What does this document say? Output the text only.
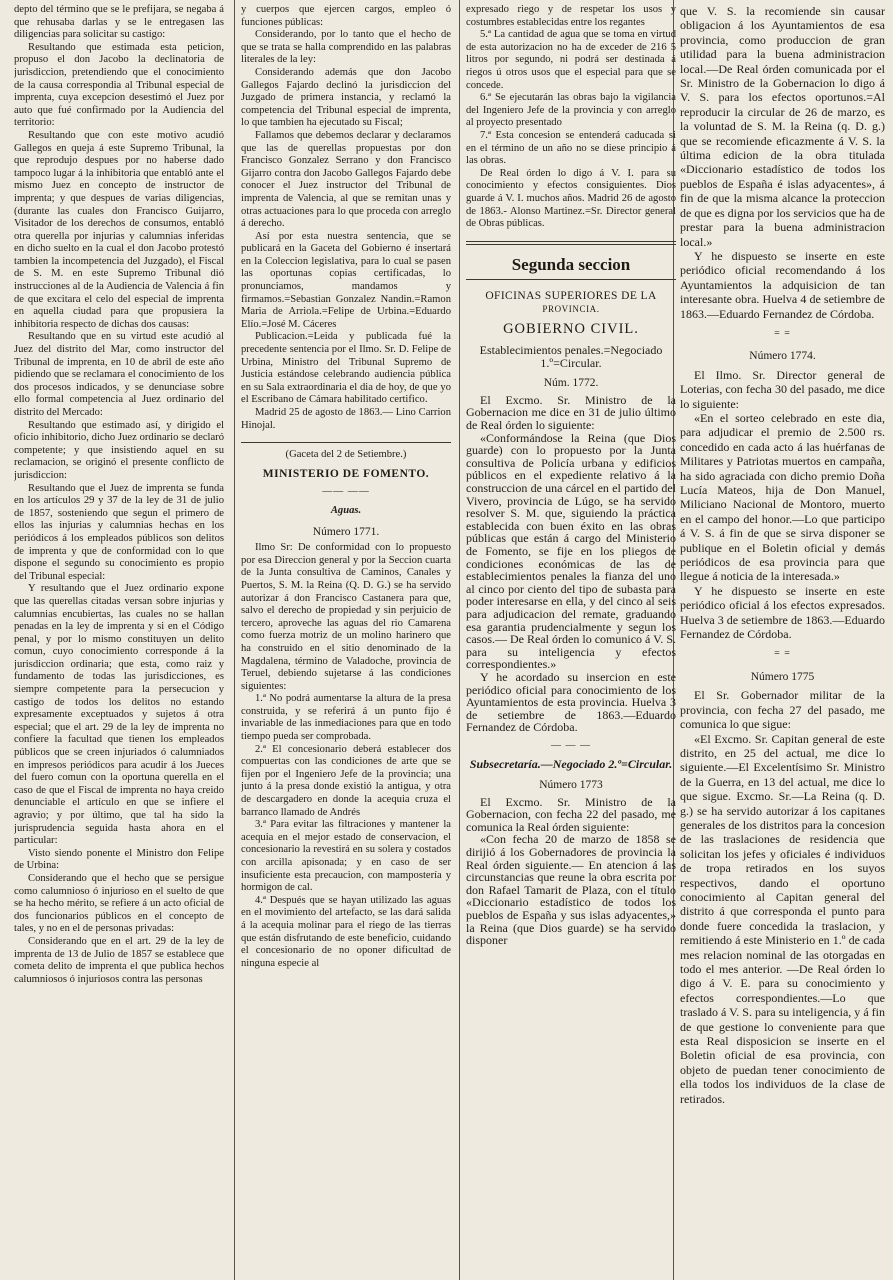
depto del término que se le prefijara, se negaba á que rehusaba darlas y se le entregasen las diligencias para solicitar su castigo:

Resultando que estimada esta peticion, propuso el don Jacobo la declinatoria de jurisdiccion, pretendiendo que el conocimiento de la causa correspondia al Tribunal especial de imprenta, cuya excepcion desestimó el Juez por auto que fué confirmado por la Audiencia del territorio:

Resultando que con este motivo acudió Gallegos en queja á este Supremo Tribunal, la que reprodujo despues por no haberse dado tampoco lugar á la inhibitoria que entabló ante el mismo Juez en concepto de instructor de imprenta; y que despues de varias diligencias, (durante las cuales don Francisco Guijarro, Visitador de los derechos de consumos, entabló otra querella por injurias y calumnias inferidas en dicho suelto en la cual el don Jacobo protestó tambien la incompetencia del Juzgado), el Fiscal de S. M. en este Supremo Tribunal dió instrucciones al de la Audiencia de Valencia á fin de que excitara el celo del especial de imprenta en aquella ciudad para que propusiera la inhibitoria respecto de dichas dos causas:

Resultando que en su virtud este acudió al Juez del distrito del Mar, como instructor del Tribunal de imprenta, en 10 de abril de este año pidiendo que se reclamara el conocimiento de los dos procesos indicados, y se denunciase sobre ello formal competencia al Juez ordinario del distrito del Mercado:

Resultando que estimado así, y dirigido el oficio inhibitorio, dicho Juez ordinario se declaró competente; y que insistiendo aquel en su reclamacion, se originó el presente conflicto de jurisdiccion:

Resultando que el Juez de imprenta se funda en los artículos 29 y 37 de la ley de 31 de julio de 1857, sosteniendo que segun el primero de ellos las injurias y calumnias hechas en los periódicos á los empleados públicos son delitos de imprenta y que de conformidad con lo que dispone el segundo su conocimiento es propio del Tribunal especial:

Y resultando que el Juez ordinario expone que las querellas citadas versan sobre injurias y calumnias encubiertas, las cuales no se hallan penadas en la ley de imprenta y si en el Código penal, y por lo mismo constituyen un delito comun, cuyo conocimiento corresponde á la jurisdiccion ordinaria; que esta, como raiz y fundamento de todas las jurisdicciones, es siempre competente para la persecucion y castigo de todos los delitos no estando expresamente exceptuados y sujetos á otra especial; que el art. 29 de la ley de imprenta no confiere la facultad que tienen los empleados públicos que se creen injuriados ó calumniados en impresos periódicos para acudir á los Jueces del fuero comun con la oportuna querella en el caso de que el Fiscal de imprenta no haya creido denunciable el artículo en que se infiere el agravio; y por último, que tal ha sido la jurisprudencia seguida hasta ahora en el particular:

Visto siendo ponente el Ministro don Felipe de Urbina:

Considerando que el hecho que se persigue como calumnioso ó injurioso en el suelto de que se ha hecho mérito, se refiere á un acto oficial de dos funcionarios públicos en el concepto de tales, y no en el de personas privadas:

Considerando que en el art. 29 de la ley de imprenta de 13 de Julio de 1857 se establece que cometa delito de imprenta el que publica hechos calumniosos ó injuriosos contra las personas

y cuerpos que ejercen cargos, empleo ó funciones públicas:

Considerando, por lo tanto que el hecho de que se trata se halla comprendido en las palabras literales de la ley:

Considerando además que don Jacobo Gallegos Fajardo declinó la jurisdiccion del Juzgado de primera instancia, y reclamó la competencia del Tribunal especial de imprenta, lo que tambien ha ejecutado su Fiscal;

Fallamos que debemos declarar y declaramos que las de querellas propuestas por don Francisco Gonzalez Serrano y don Francisco Gijarro contra don Jacobo Gallegos Fajardo debe conocer el Juez instructor del Tribunal de imprenta de Valencia, al que se remitan unas y otras actuaciones para lo que proceda con arreglo á derecho.

Así por esta nuestra sentencia, que se publicará en la Gaceta del Gobierno é insertará en la Coleccion legislativa, para lo cual se pasen las oportunas copias certificadas, lo pronunciamos, mandamos y firmamos.=Sebastian Gonzalez Nandin.=Ramon Maria de Arriola.=Felipe de Urbina.=Eduardo Elío.=José M. Cáceres

Publicacion.=Leida y publicada fué la precedente sentencia por el Ilmo. Sr. D. Felipe de Urbina, Ministro del Tribunal Supremo de Justicia estándose celebrando audiencia pública en su Sala extraordinaria el dia de hoy, de que yo el Escribano de Cámara habilitado certifico.

Madrid 25 de agosto de 1863.— Lino Carrion Hinojal.

(Gaceta del 2 de Setiembre.)

MINISTERIO DE FOMENTO.

—— ——

Aguas.

Número 1771.

Ilmo Sr: De conformidad con lo propuesto por esa Direccion general y por la Seccion cuarta de la Junta consultiva de Caminos, Canales y Puertos, S. M. la Reina (Q. D. G.) se ha servido autorizar á don Francisco Castanera para que, salvo el derecho de propiedad y sin perjuicio de tercero, aproveche las aguas del rio Camarena como fuerza motriz de un molino harinero que ha construido en el sitio denominado de la Magdalena, término de Valadoche, provincia de Teruel, debiendo sujetarse á las condiciones siguientes:

1.ª No podrá aumentarse la altura de la presa construida, y se referirá á un punto fijo é invariable de las inmediaciones para que en todo tiempo pueda ser comprobada.

2.ª El concesionario deberá establecer dos compuertas con las condiciones de arte que se fijen por el Ingeniero Jefe de la provincia; una junto á la presa donde existió la antigua, y otra de descargadero en donde la acequia cruza el barranco llamado de Andrés

3.ª Para evitar las filtraciones y mantener la acequia en el mejor estado de conservacion, el concesionario la revestirá en su solera y costados con arcilla apisonada; y en caso de ser insuficiente esta precaucion, con mampostería y hormigon de cal.

4.ª Después que se hayan utilizado las aguas en el movimiento del artefacto, se las dará salida á la acequia molinar para el riego de las tierras que están disfrutando de este beneficio, cuidando el concesionario de no oponer dificultad de ninguna especie al

expresado riego y de respetar los usos y costumbres establecidas entre los regantes

5.ª La cantidad de agua que se toma en virtud de esta autorizacion no ha de exceder de 216 5 litros por segundo, ni podrá ser destinada á riegos ú otros usos que el especial para que se concede.

6.ª Se ejecutarán las obras bajo la vigilancia del Ingeniero Jefe de la provincia y con arreglo al proyecto presentado

7.ª Esta concesion se entenderá caducada si en el término de un año no se diese principio á las obras.

De Real órden lo digo á V. I. para su conocimiento y efectos consiguientes. Dios guarde á V. I. muchos años. Madrid 26 de agosto de 1863.- Alonso Martinez.=Sr. Director general de Obras públicas.

Segunda seccion

OFICINAS SUPERIORES DE LA

PROVINCIA.

GOBIERNO CIVIL.

Establecimientos penales.=Negociado 1.º=Circular.

Núm. 1772.

El Excmo. Sr. Ministro de la Gobernacion me dice en 31 de julio último de Real órden lo siguiente:

«Conformándose la Reina (que Dios guarde) con lo propuesto por la Junta consultiva de Policía urbana y edificios públicos en el expediente relativo á la construccion de una cárcel en el partido del Vivero, provincia de Lúgo, se ha servido resolver S. M. que, siguiendo la práctica establecida con buen éxito en las obras públicas que están á cargo del Ministerio de Fomento, se fije en los pliegos de condiciones económicas de las de establecimientos penales la fianza del uno al cinco por ciento del tipo de subasta para poder interesarse en ella, y del cinco al seis para adjudicacion del remate, graduando esa garantia prudencialmente y segun los casos.— De Real órden lo comunico á V. S. para su inteligencia y efectos correspondientes.»

Y he acordado su insercion en este periódico oficial para conocimiento de los Ayuntamientos de esta provincia. Huelva 3 de setiembre de 1863.—Eduardo Fernandez de Córdoba.

— — —

Subsecretaría.—Negociado 2.º=Circular.

Número 1773

El Excmo. Sr. Ministro de la Gobernacion, con fecha 22 del pasado, me comunica la Real órden siguiente:

«Con fecha 20 de marzo de 1858 se dirijió á los Gobernadores de provincia la Real órden siguiente.— En atencion á las circunstancias que reune la obra escrita por don Rafael Tamarit de Plaza, con el título «Diccionario estadístico de todos los pueblos de España y sus islas adyacentes,» la Reina (que Dios guarde) se ha servido disponer

que V. S. la recomiende sin causar obligacion á los Ayuntamientos de esa provincia, como produccion de gran utilidad para la buena administracion local.—De Real órden comunicada por el Sr. Ministro de la Gobernacion lo digo á V. S. para los efectos oportunos.=Al reproducir la circular de 26 de marzo, es la voluntad de S. M. la Reina (q. D. g.) que se recomiende eficazmente á V. S. la última edicion de la obra titulada «Diccionario estadístico de todos los pueblos de España é islas adyacentes», á fin de que la misma alcance la proteccion de que es digna por los servicios que ha de prestar para la buena administracion local.»

Y he dispuesto se inserte en este periódico oficial recomendando á los Ayuntamientos la adquisicion de tan interesante obra. Huelva 4 de setiembre de 1863.—Eduardo Fernandez de Córdoba.

= =

Número 1774.

El Ilmo. Sr. Director general de Loterias, con fecha 30 del pasado, me dice lo siguiente:

«En el sorteo celebrado en este dia, para adjudicar el premio de 2.500 rs. concedido en cada acto á las huérfanas de Militares y Patriotas muertos en campaña, ha sido agraciada con dicho premio Doña Lucía Mateos, hija de Don Manuel, Miliciano Nacional de Montoro, muerto en el campo del honor.—Lo que participo á V. S. á fin de que se sirva disponer se publique en el Boletin oficial y demás periódicos de esa provincia para que llegue á noticia de la interesada.»

Y he dispuesto se inserte en este periódico oficial á los efectos expresados. Huelva 3 de setiembre de 1863.—Eduardo Fernandez de Córdoba.

= =

Número 1775

El Sr. Gobernador militar de la provincia, con fecha 27 del pasado, me comunica lo que sigue:

«El Excmo. Sr. Capitan general de este distrito, en 25 del actual, me dice lo siguiente.—El Excelentísimo Sr. Ministro de la Guerra, en 13 del actual, me dice lo que sigue. Excmo. Sr.—La Reina (q. D. g.) se ha servido autorizar á los capitanes generales de los distritos para la concesion de las traslaciones de residencia que solicitan los jefes y oficiales é individuos de tropa retirados en los suyos respectivos, dando el oportuno conocimiento al Capitan general del distrito á que corresponda el punto para donde fuere concedida la traslacion, y remitiendo á este Ministerio en 1.º de cada mes relacion nominal de las otorgadas en todo el mes anterior. —De Real órden lo digo á V. E. para su conocimiento y efectos correspondientes.—Lo que traslado á V. S. para su inteligencia, y á fin de que gestione lo conveniente para que esta Real disposicion se inserte en el Boletin oficial de esa provincia, con objeto de puedan tener conocimiento de ella todos los individuos de la clase de retirados.
